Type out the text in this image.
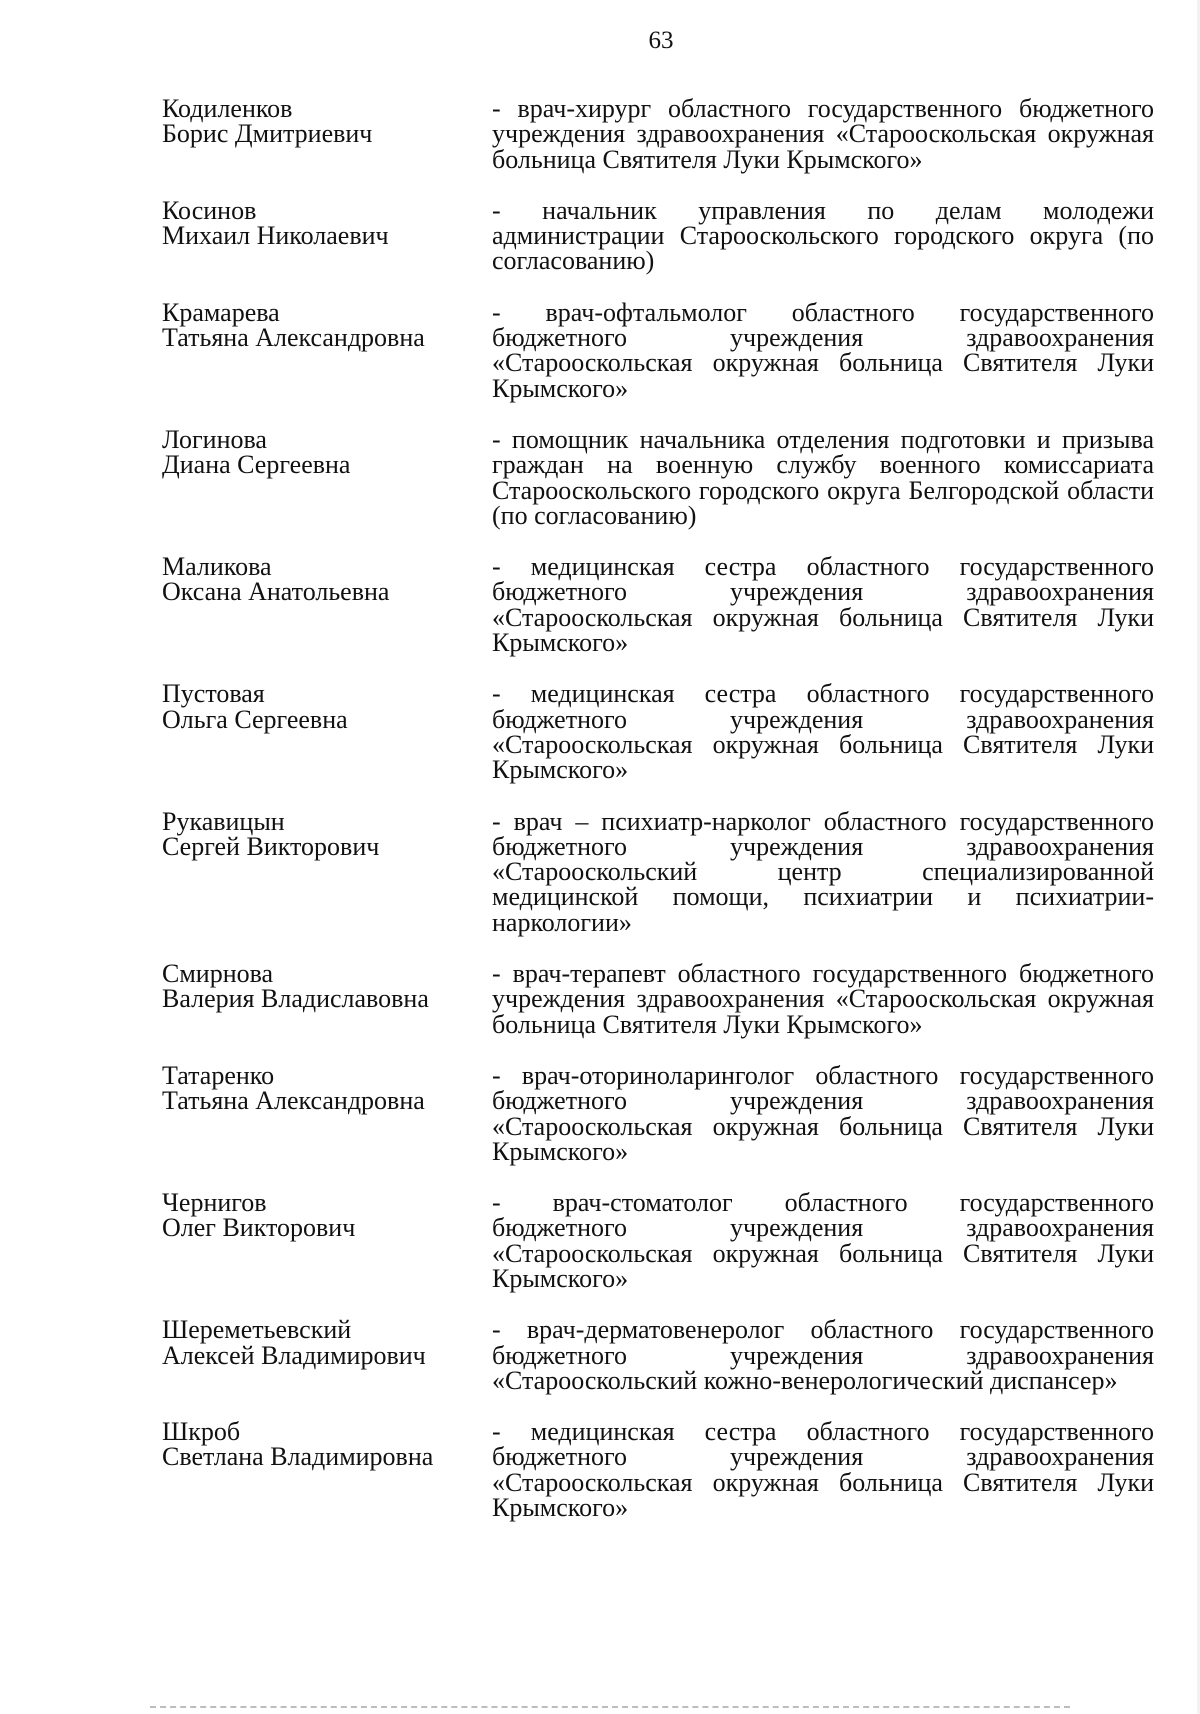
63
Кодиленков
Борис Дмитриевич
- врач-хирург областного государственного бюджетного учреждения здравоохранения «Старооскольская окружная больница Святителя Луки Крымского»
Косинов
Михаил Николаевич
- начальник управления по делам молодежи администрации Старооскольского городского округа (по согласованию)
Крамарева
Татьяна Александровна
- врач-офтальмолог областного государственного бюджетного учреждения здравоохранения «Старооскольская окружная больница Святителя Луки Крымского»
Логинова
Диана Сергеевна
- помощник начальника отделения подготовки и призыва граждан на военную службу военного комиссариата Старооскольского городского округа Белгородской области (по согласованию)
Маликова
Оксана Анатольевна
- медицинская сестра областного государственного бюджетного учреждения здравоохранения «Старооскольская окружная больница Святителя Луки Крымского»
Пустовая
Ольга Сергеевна
- медицинская сестра областного государственного бюджетного учреждения здравоохранения «Старооскольская окружная больница Святителя Луки Крымского»
Рукавицын
Сергей Викторович
- врач – психиатр-нарколог областного государственного бюджетного учреждения здравоохранения «Старооскольский центр специализированной медицинской помощи, психиатрии и психиатрии-наркологии»
Смирнова
Валерия Владиславовна
- врач-терапевт областного государственного бюджетного учреждения здравоохранения «Старооскольская окружная больница Святителя Луки Крымского»
Татаренко
Татьяна Александровна
- врач-оториноларинголог областного государственного бюджетного учреждения здравоохранения «Старооскольская окружная больница Святителя Луки Крымского»
Чернигов
Олег Викторович
- врач-стоматолог областного государственного бюджетного учреждения здравоохранения «Старооскольская окружная больница Святителя Луки Крымского»
Шереметьевский
Алексей Владимирович
- врач-дерматовенеролог областного государственного бюджетного учреждения здравоохранения «Старооскольский кожно-венерологический диспансер»
Шкроб
Светлана Владимировна
- медицинская сестра областного государственного бюджетного учреждения здравоохранения «Старооскольская окружная больница Святителя Луки Крымского»
